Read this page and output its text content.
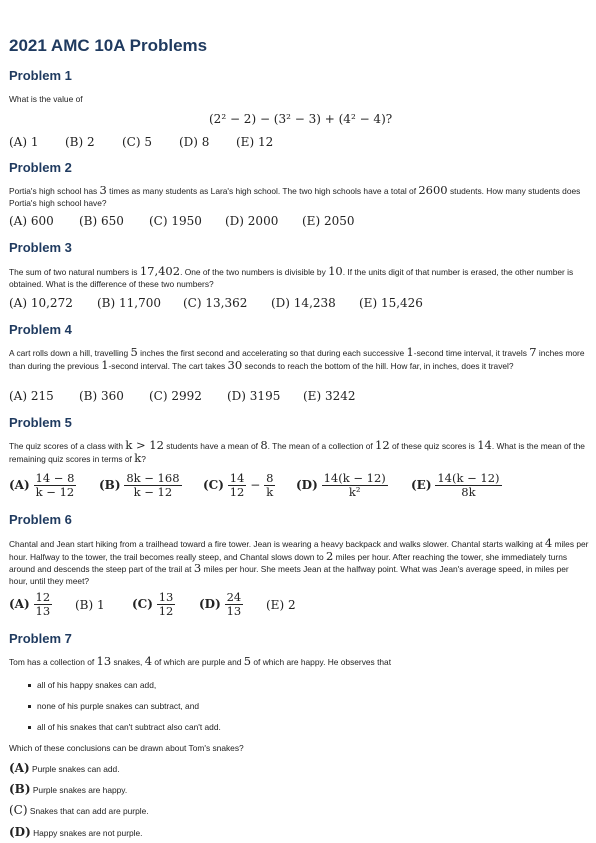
2021 AMC 10A Problems
Problem 1
What is the value of
(2² − 2) − (3² − 3) + (4² − 4)?
(A) 1 (B) 2 (C) 5 (D) 8 (E) 12
Problem 2
Portia's high school has 3 times as many students as Lara's high school. The two high schools have a total of 2600 students. How many students does Portia's high school have?
(A) 600 (B) 650 (C) 1950 (D) 2000 (E) 2050
Problem 3
The sum of two natural numbers is 17,402. One of the two numbers is divisible by 10. If the units digit of that number is erased, the other number is obtained. What is the difference of these two numbers?
(A) 10,272 (B) 11,700 (C) 13,362 (D) 14,238 (E) 15,426
Problem 4
A cart rolls down a hill, travelling 5 inches the first second and accelerating so that during each successive 1-second time interval, it travels 7 inches more than during the previous 1-second interval. The cart takes 30 seconds to reach the bottom of the hill. How far, in inches, does it travel?
(A) 215 (B) 360 (C) 2992 (D) 3195 (E) 3242
Problem 5
The quiz scores of a class with k > 12 students have a mean of 8. The mean of a collection of 12 of these quiz scores is 14. What is the mean of the remaining quiz scores in terms of k?
$(A) \frac{14 - 8}{k - 12} (B) \frac{8k - 168}{k - 12} (C) \frac{14}{12} - \frac{8}{k} (D) \frac{14(k - 12)}{\text{k²}} (E) \frac{14(k - 12)}{8k}$
Problem 6
Chantal and Jean start hiking from a trailhead toward a fire tower. Jean is wearing a heavy backpack and walks slower. Chantal starts walking at 4 miles per hour. Halfway to the tower, the trail becomes really steep, and Chantal slows down to 2 miles per hour. After reaching the tower, she immediately turns around and descends the steep part of the trail at 3 miles per hour. She meets Jean at the halfway point. What was Jean's average speed, in miles per hour, until they meet?
$(A) \frac{12}{13} (B)$ 1 $(C) \frac{13}{12} (D) \frac{24}{13} (E)$ 2
Problem 7
Tom has a collection of 13 snakes, 4 of which are purple and 5 of which are happy. He observes that
all of his happy snakes can add,
none of his purple snakes can subtract, and
all of his snakes that can't subtract also can't add.
Which of these conclusions can be drawn about Tom's snakes?
(A) Purple snakes can add.
(B) Purple snakes are happy.
(C) Snakes that can add are purple.
(D) Happy snakes are not purple.
